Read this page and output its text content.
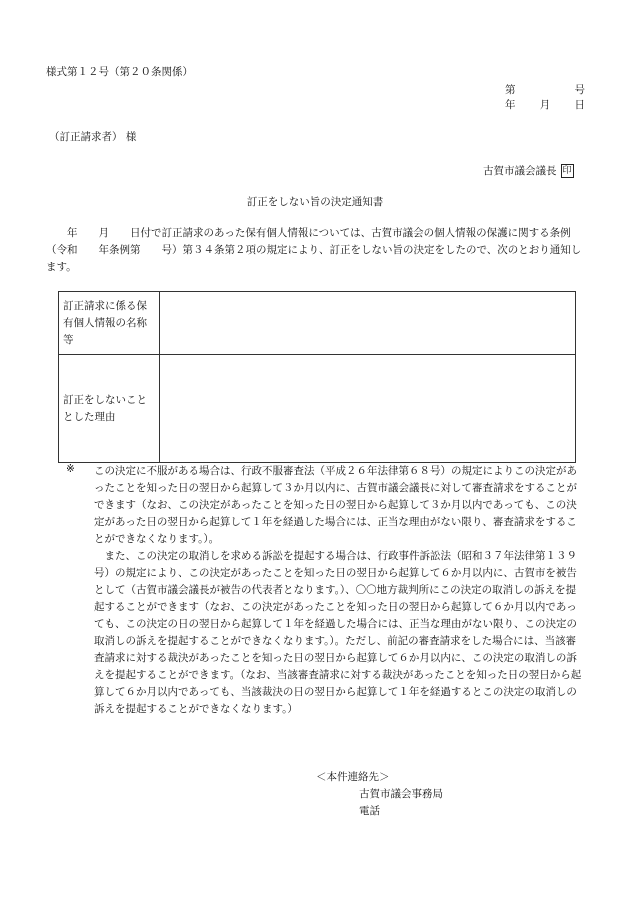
様式第１２号（第２０条関係）
第	号
年 月 日
（訂正請求者） 様
古賀市議会議長 印
訂正をしない旨の決定通知書

　　年　　月　　日付で訂正請求のあった保有個人情報については、古賀市議会の個人情報の保護に関する条例（令和　　年条例第　　号）第３４条第２項の規定により、訂正をしない旨の決定をしたので、次のとおり通知します。

訂正請求に係る保有個人情報の名称等	
訂正をしないこととした理由	
※ この決定に不服がある場合は、行政不服審査法（平成２６年法律第６８号）の規定によりこの決定があったことを知った日の翌日から起算して３か月以内に、古賀市議会議長に対して審査請求をすることができます（なお、この決定があったことを知った日の翌日から起算して３か月以内であっても、この決定があった日の翌日から起算して１年を経過した場合には、正当な理由がない限り、審査請求をすることができなくなります。）。

また、この決定の取消しを求める訴訟を提起する場合は、行政事件訴訟法（昭和３７年法律第１３９号）の規定により、この決定があったことを知った日の翌日から起算して６か月以内に、古賀市を被告として（古賀市議会議長が被告の代表者となります。）、〇〇地方裁判所にこの決定の取消しの訴えを提起することができます（なお、この決定があったことを知った日の翌日から起算して６か月以内であっても、この決定の日の翌日から起算して１年を経過した場合には、正当な理由がない限り、この決定の取消しの訴えを提起することができなくなります。）。ただし、前記の審査請求をした場合には、当該審査請求に対する裁決があったことを知った日の翌日から起算して６か月以内に、この決定の取消しの訴えを提起することができます。（なお、当該審査請求に対する裁決があったことを知った日の翌日から起算して６か月以内であっても、当該裁決の日の翌日から起算して１年を経過するとこの決定の取消しの訴えを提起することができなくなります。）

＜本件連絡先＞
古賀市議会事務局
電話
